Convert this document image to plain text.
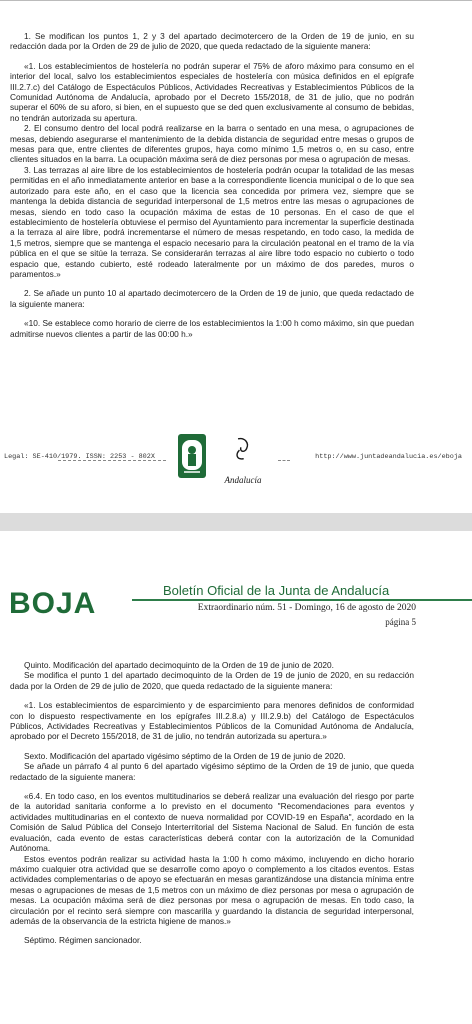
1. Se modifican los puntos 1, 2 y 3 del apartado decimotercero de la Orden de 19 de junio, en su redacción dada por la Orden de 29 de julio de 2020, que queda redactado de la siguiente manera:

«1. Los establecimientos de hostelería no podrán superar el 75% de aforo máximo para consumo en el interior del local, salvo los establecimientos especiales de hostelería con música definidos en el epígrafe III.2.7.c) del Catálogo de Espectáculos Públicos, Actividades Recreativas y Establecimientos Públicos de la Comunidad Autónoma de Andalucía, aprobado por el Decreto 155/2018, de 31 de julio, que no podrán superar el 60% de su aforo, si bien, en el supuesto que se ded quen exclusivamente al consumo de bebidas, no tendrán autorizada su apertura.

2. El consumo dentro del local podrá realizarse en la barra o sentado en una mesa, o agrupaciones de mesas, debiendo asegurarse el mantenimiento de la debida distancia de seguridad entre mesas o grupos de mesas para que, entre clientes de diferentes grupos, haya como mínimo 1,5 metros o, en su caso, entre clientes situados en la barra. La ocupación máxima será de diez personas por mesa o agrupación de mesas.

3. Las terrazas al aire libre de los establecimientos de hostelería podrán ocupar la totalidad de las mesas permitidas en el año inmediatamente anterior en base a la correspondiente licencia municipal o de lo que sea autorizado para este año, en el caso que la licencia sea concedida por primera vez, siempre que se mantenga la debida distancia de seguridad interpersonal de 1,5 metros entre las mesas o agrupaciones de mesas, siendo en todo caso la ocupación máxima de estas de 10 personas. En el caso de que el establecimiento de hostelería obtuviese el permiso del Ayuntamiento para incrementar la superficie destinada a la terraza al aire libre, podrá incrementarse el número de mesas respetando, en todo caso, la medida de 1,5 metros, siempre que se mantenga el espacio necesario para la circulación peatonal en el tramo de la vía pública en el que se sitúe la terraza. Se considerarán terrazas al aire libre todo espacio no cubierto o todo espacio que, estando cubierto, esté rodeado lateralmente por un máximo de dos paredes, muros o paramentos.»

2. Se añade un punto 10 al apartado decimotercero de la Orden de 19 de junio, que queda redactado de la siguiente manera:

«10. Se establece como horario de cierre de los establecimientos la 1:00 h como máximo, sin que puedan admitirse nuevos clientes a partir de las 00:00 h.»

Legal: SE-410/1979. ISSN: 2253 - 802X	http://www.juntadeandalucia.es/eboja
Andalucía
BOJA	Boletín Oficial de la Junta de Andalucía
Extraordinario núm. 51 - Domingo, 16 de agosto de 2020
página 5

Quinto. Modificación del apartado decimoquinto de la Orden de 19 de junio de 2020.

Se modifica el punto 1 del apartado decimoquinto de la Orden de 19 de junio de 2020, en su redacción dada por la Orden de 29 de julio de 2020, que queda redactado de la siguiente manera:

«1. Los establecimientos de esparcimiento y de esparcimiento para menores definidos de conformidad con lo dispuesto respectivamente en los epígrafes III.2.8.a) y III.2.9.b) del Catálogo de Espectáculos Públicos, Actividades Recreativas y Establecimientos Públicos de la Comunidad Autónoma de Andalucía, aprobado por el Decreto 155/2018, de 31 de julio, no tendrán autorizada su apertura.»

Sexto. Modificación del apartado vigésimo séptimo de la Orden de 19 de junio de 2020.

Se añade un párrafo 4 al punto 6 del apartado vigésimo séptimo de la Orden de 19 de junio, que queda redactado de la siguiente manera:

«6.4. En todo caso, en los eventos multitudinarios se deberá realizar una evaluación del riesgo por parte de la autoridad sanitaria conforme a lo previsto en el documento "Recomendaciones para eventos y actividades multitudinarias en el contexto de nueva normalidad por COVID-19 en España", acordado en la Comisión de Salud Pública del Consejo Interterritorial del Sistema Nacional de Salud. En función de esta evaluación, cada evento de estas características deberá contar con la autorización de la Comunidad Autónoma.

Estos eventos podrán realizar su actividad hasta la 1:00 h como máximo, incluyendo en dicho horario máximo cualquier otra actividad que se desarrolle como apoyo o complemento a los citados eventos. Estas actividades complementarias o de apoyo se efectuarán en mesas garantizándose una distancia mínima entre mesas o agrupaciones de mesas de 1,5 metros con un máximo de diez personas por mesa o agrupación de mesas. La ocupación máxima será de diez personas por mesa o agrupación de mesas. En todo caso, la circulación por el recinto será siempre con mascarilla y guardando la distancia de seguridad interpersonal, además de la observancia de la estricta higiene de manos.»

Séptimo. Régimen sancionador.
